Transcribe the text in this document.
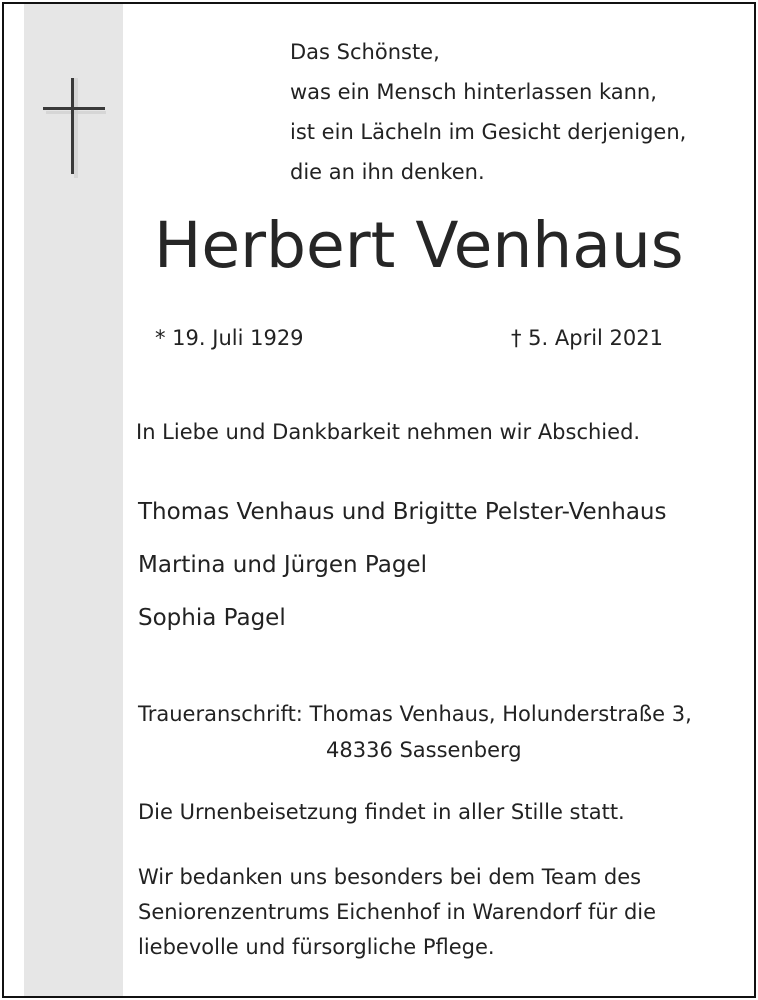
Das Schönste,
was ein Mensch hinterlassen kann,
ist ein Lächeln im Gesicht derjenigen,
die an ihn denken.
Herbert Venhaus
* 19. Juli 1929	† 5. April 2021
In Liebe und Dankbarkeit nehmen wir Abschied.
Thomas Venhaus und Brigitte Pelster-Venhaus
Martina und Jürgen Pagel
Sophia Pagel
Traueranschrift: Thomas Venhaus, Holunderstraße 3,
48336 Sassenberg
Die Urnenbeisetzung findet in aller Stille statt.
Wir bedanken uns besonders bei dem Team des
Seniorenzentrums Eichenhof in Warendorf für die
liebevolle und fürsorgliche Pflege.
